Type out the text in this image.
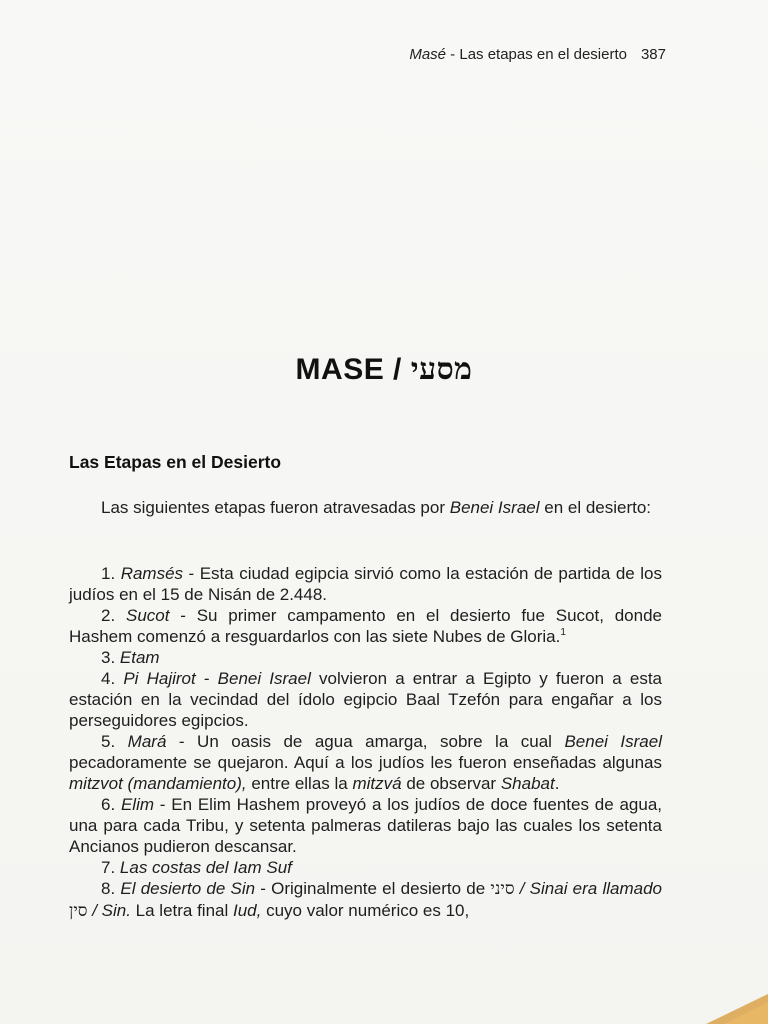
Masé - Las etapas en el desierto 387
MASE / מסעי
Las Etapas en el Desierto

Las siguientes etapas fueron atravesadas por Benei Israel en el desierto:

1. Ramsés - Esta ciudad egipcia sirvió como la estación de partida de los judíos en el 15 de Nisán de 2.448.

2. Sucot - Su primer campamento en el desierto fue Sucot, donde Hashem comenzó a resguardarlos con las siete Nubes de Gloria.$^1$

3. Etam

4. Pi Hajirot - Benei Israel volvieron a entrar a Egipto y fueron a esta estación en la vecindad del ídolo egipcio Baal Tzefón para engañar a los perseguidores egipcios.

5. Mará - Un oasis de agua amarga, sobre la cual Benei Israel pecadoramente se quejaron. Aquí a los judíos les fueron enseñadas algunas mitzvot (mandamiento), entre ellas la mitzvá de observar Shabat.

6. Elim - En Elim Hashem proveyó a los judíos de doce fuentes de agua, una para cada Tribu, y setenta palmeras datileras bajo las cuales los setenta Ancianos pudieron descansar.

7. Las costas del Iam Suf

8. El desierto de Sin - Originalmente el desierto de סיני / Sinai era llamado סין / Sin. La letra final Iud, cuyo valor numérico es 10,
